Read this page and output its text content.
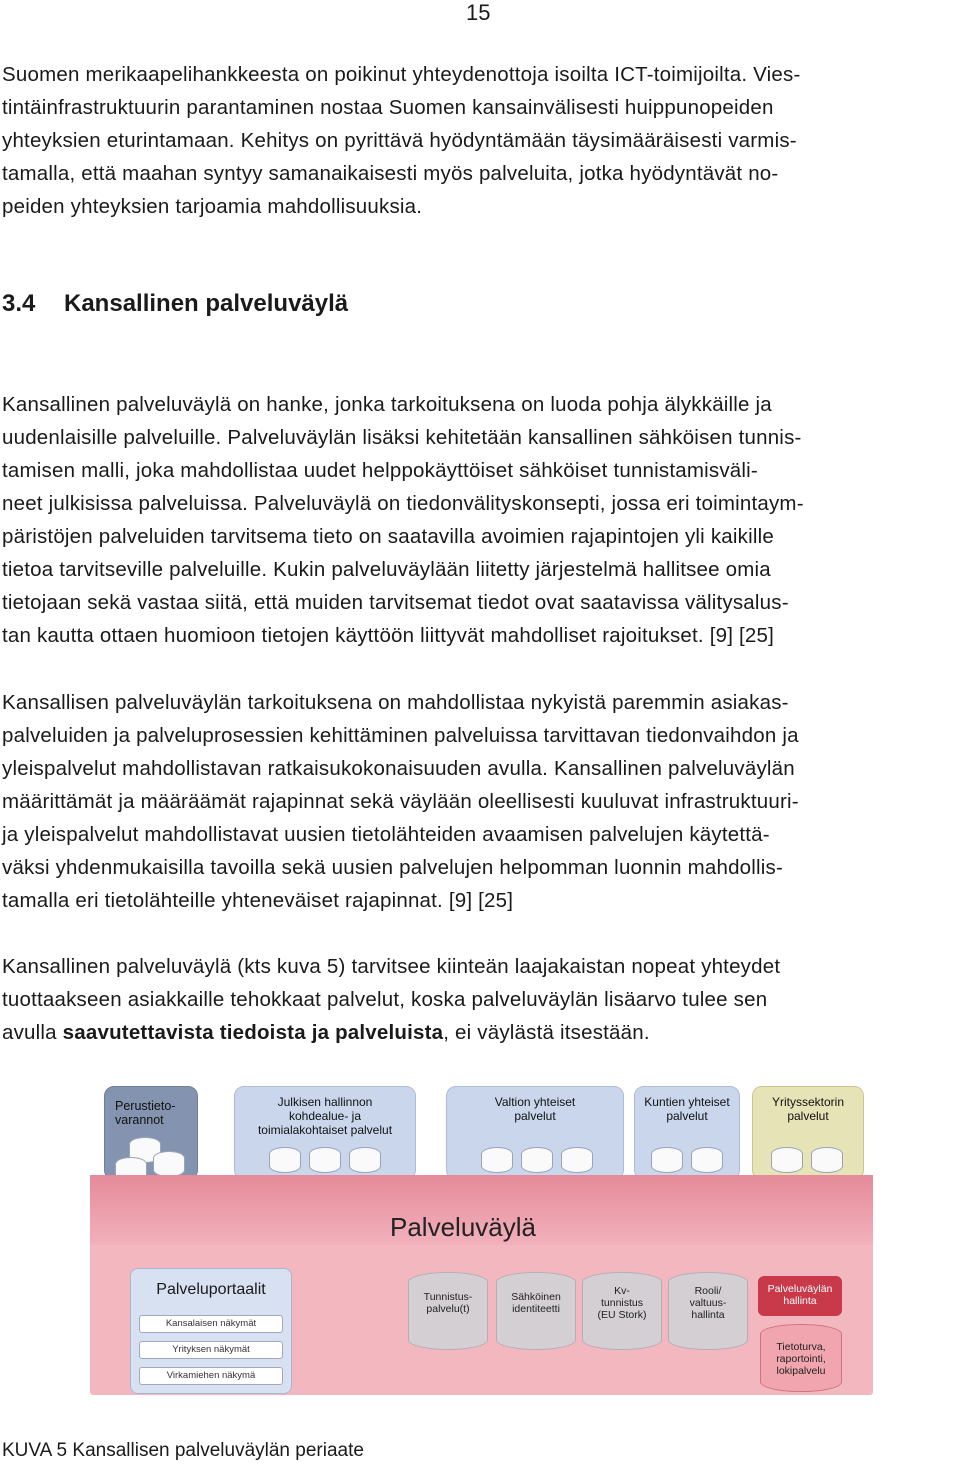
15
Suomen merikaapelihankkeesta on poikinut yhteydenottoja isoilta ICT-toimijoilta. Vies-
tintäinfrastruktuurin parantaminen nostaa Suomen kansainvälisesti huippunopeiden
yhteyksien eturintamaan. Kehitys on pyrittävä hyödyntämään täysimääräisesti varmis-
tamalla, että maahan syntyy samanaikaisesti myös palveluita, jotka hyödyntävät no-
peiden yhteyksien tarjoamia mahdollisuuksia.
3.4 Kansallinen palveluväylä
Kansallinen palveluväylä on hanke, jonka tarkoituksena on luoda pohja älykkäille ja
uudenlaisille palveluille. Palveluväylän lisäksi kehitetään kansallinen sähköisen tunnis-
tamisen malli, joka mahdollistaa uudet helppokäyttöiset sähköiset tunnistamisväli-
neet julkisissa palveluissa. Palveluväylä on tiedonvälityskonsepti, jossa eri toimintaym-
päristöjen palveluiden tarvitsema tieto on saatavilla avoimien rajapintojen yli kaikille
tietoa tarvitseville palveluille. Kukin palveluväylään liitetty järjestelmä hallitsee omia
tietojaan sekä vastaa siitä, että muiden tarvitsemat tiedot ovat saatavissa välitysalus-
tan kautta ottaen huomioon tietojen käyttöön liittyvät mahdolliset rajoitukset. [9] [25]
Kansallisen palveluväylän tarkoituksena on mahdollistaa nykyistä paremmin asiakas-
palveluiden ja palveluprosessien kehittäminen palveluissa tarvittavan tiedonvaihdon ja
yleispalvelut mahdollistavan ratkaisukokonaisuuden avulla. Kansallinen palveluväylän
määrittämät ja määräämät rajapinnat sekä väylään oleellisesti kuuluvat infrastruktuuri-
ja yleispalvelut mahdollistavat uusien tietolähteiden avaamisen palvelujen käytettä-
väksi yhdenmukaisilla tavoilla sekä uusien palvelujen helpomman luonnin mahdollis-
tamalla eri tietolähteille yhteneväiset rajapinnat. [9] [25]
Kansallinen palveluväylä (kts kuva 5) tarvitsee kiinteän laajakaistan nopeat yhteydet
tuottaakseen asiakkaille tehokkaat palvelut, koska palveluväylän lisäarvo tulee sen
avulla saavutettavista tiedoista ja palveluista, ei väylästä itsestään.
Perustieto-
varannot
Julkisen hallinnon
kohdealue- ja
toimialakohtaiset palvelut
Valtion yhteiset
palvelut
Kuntien yhteiset
palvelut
Yrityssektorin
palvelut
Palveluväylä
Palveluportaalit
Kansalaisen näkymät
Yrityksen näkymät
Virkamiehen näkymä
Tunnistus-
palvelu(t)
Sähköinen
identiteetti
Kv-
tunnistus
(EU Stork)
Rooli/
valtuus-
hallinta
Palveluväylän
hallinta
Tietoturva,
raportointi,
lokipalvelu
KUVA 5 Kansallisen palveluväylän periaate
